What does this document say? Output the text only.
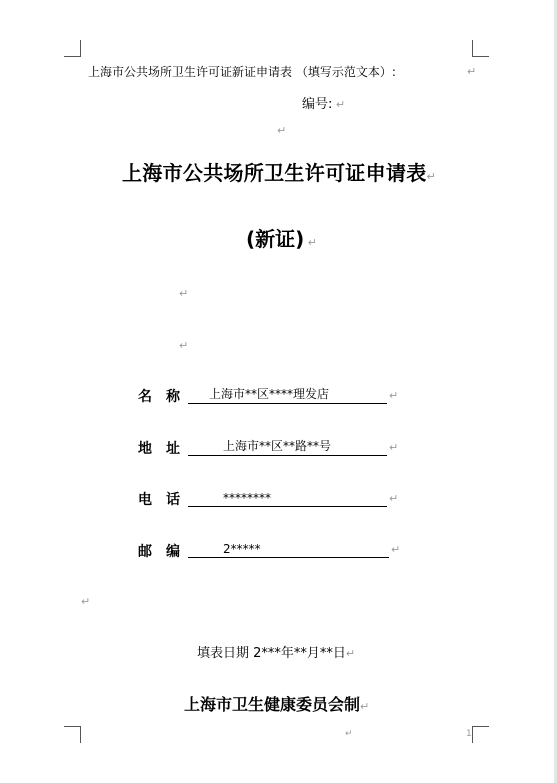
上海市公共场所卫生许可证新证申请表 （填写示范文本）:	↵
编号: ↵
↵
上海市公共场所卫生许可证申请表↵
(新证) ↵
↵
↵
名 称 上海市**区****理发店	↵
地 址	上海市**区**路**号	↵
电 话	********	↵
邮 编	2*****	↵
↵
填表日期 2***年**月**日↵
上海市卫生健康委员会制↵
↵	1
